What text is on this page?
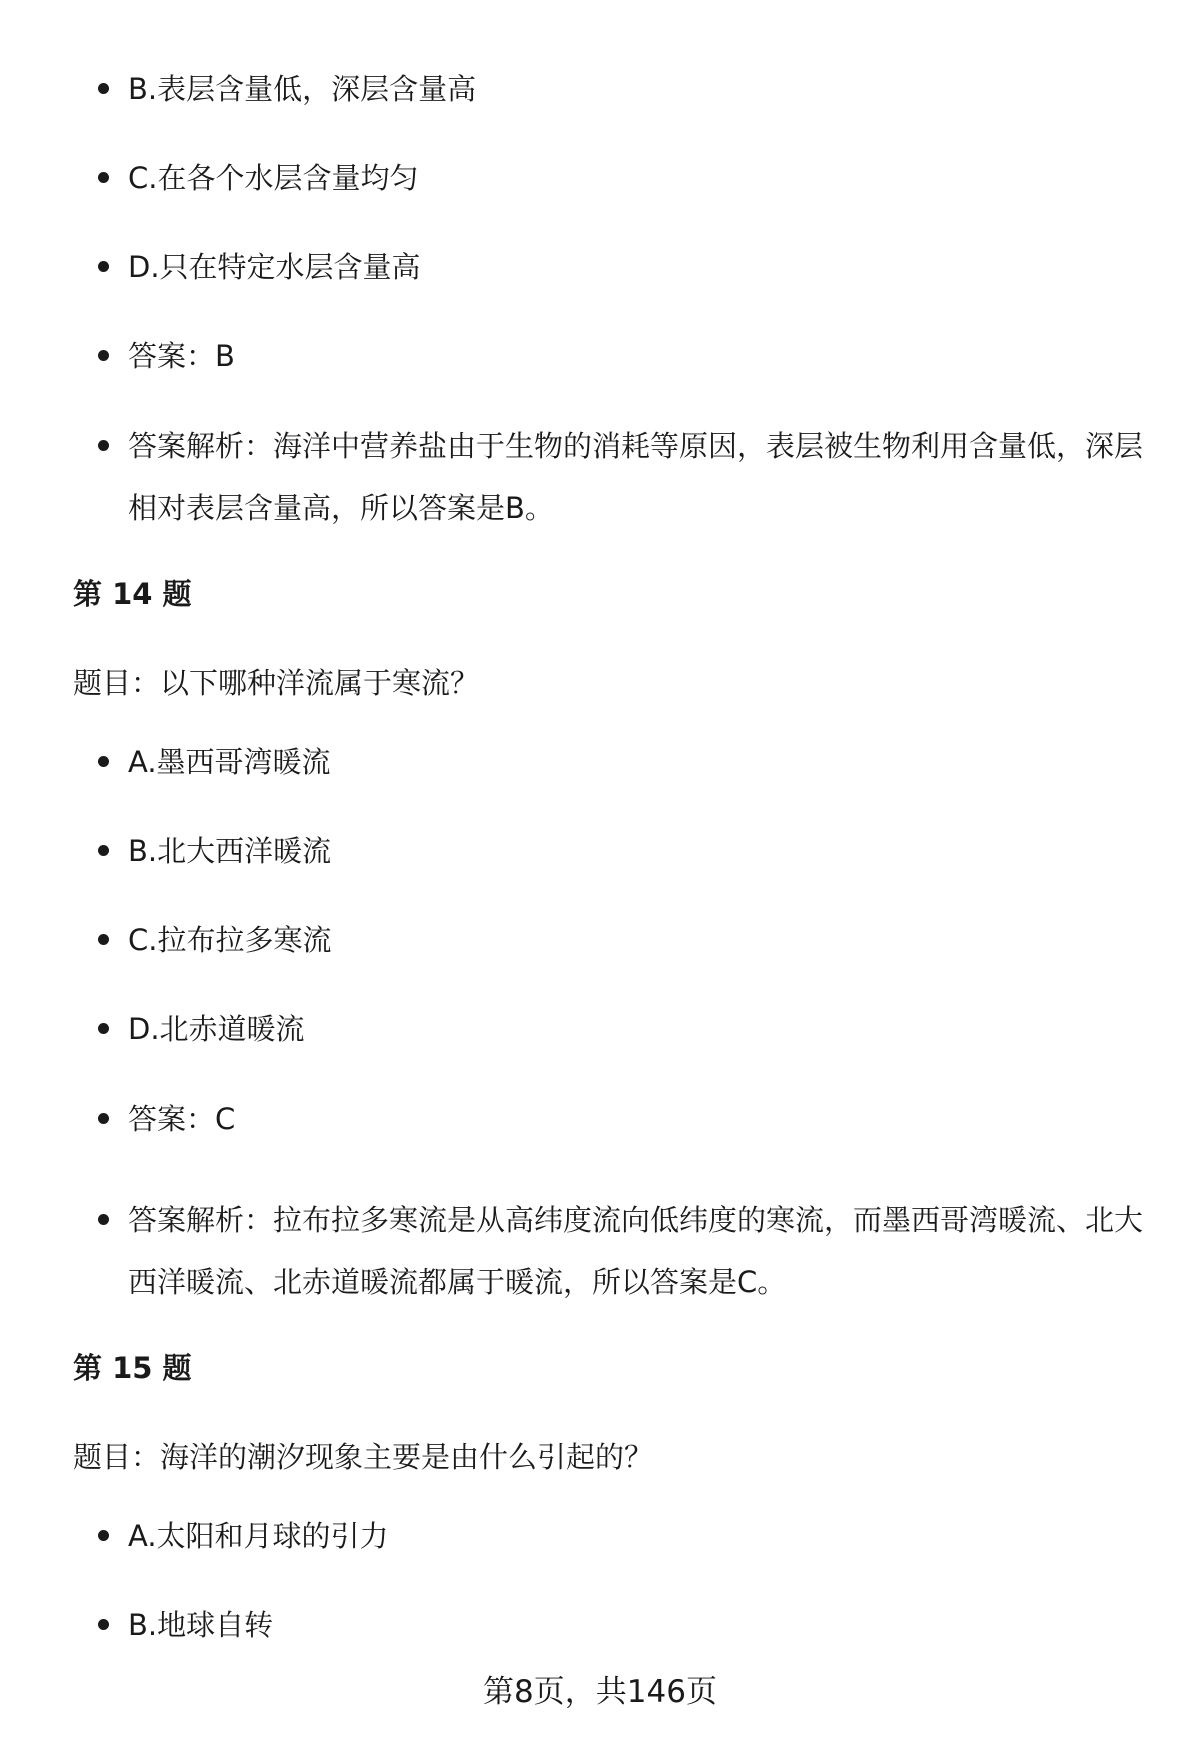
B.表层含量低，深层含量高
C.在各个水层含量均匀
D.只在特定水层含量高
答案：B
答案解析：海洋中营养盐由于生物的消耗等原因，表层被生物利用含量低，深层相对表层含量高，所以答案是B。
第 14 题

题目：以下哪种洋流属于寒流？

A.墨西哥湾暖流
B.北大西洋暖流
C.拉布拉多寒流
D.北赤道暖流
答案：C
答案解析：拉布拉多寒流是从高纬度流向低纬度的寒流，而墨西哥湾暖流、北大西洋暖流、北赤道暖流都属于暖流，所以答案是C。
第 15 题

题目：海洋的潮汐现象主要是由什么引起的？

A.太阳和月球的引力
B.地球自转
第8页，共146页
